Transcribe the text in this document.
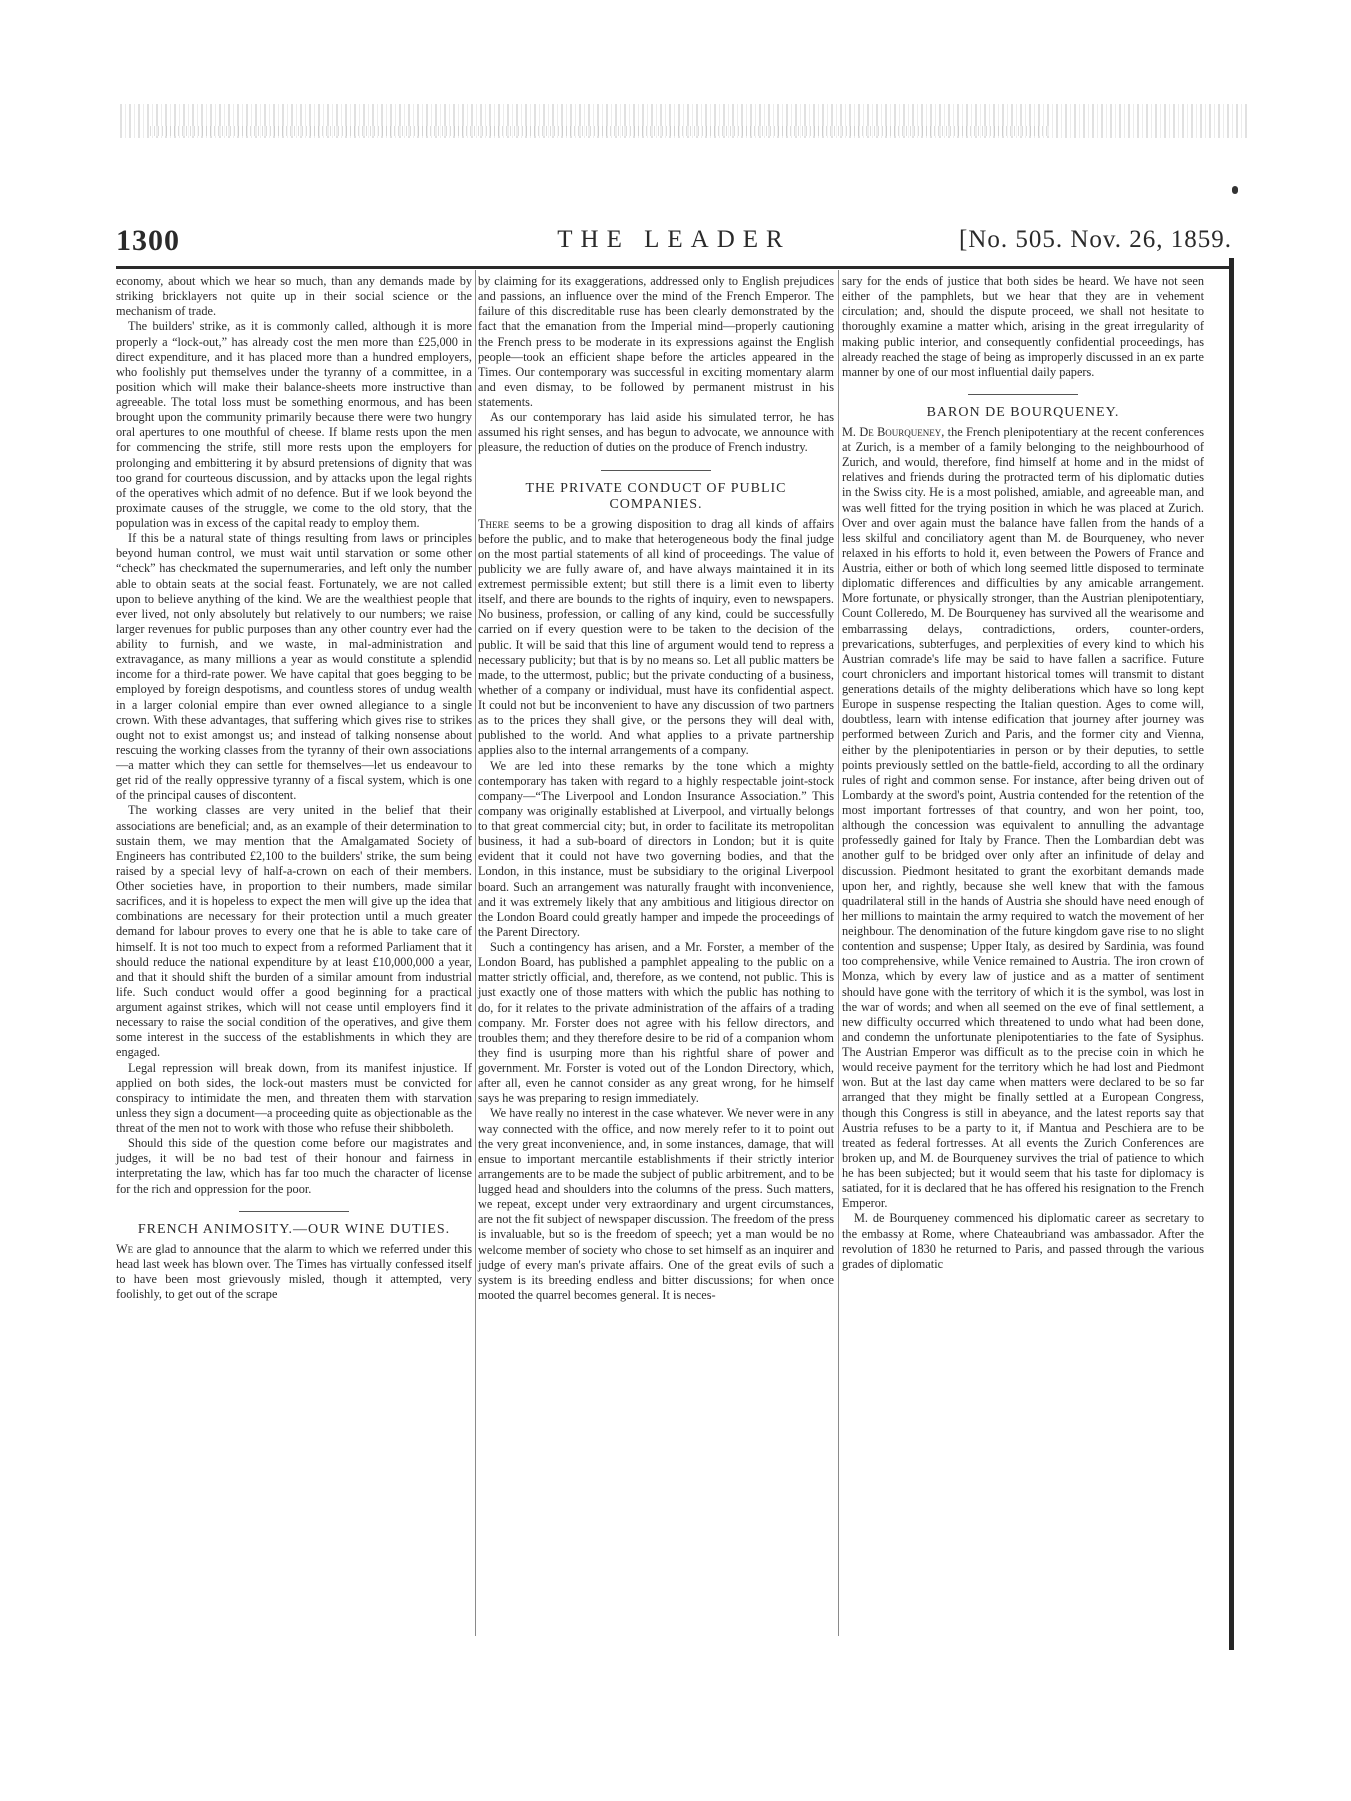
1300	THE LEADER	[No. 505. Nov. 26, 1859.

economy, about which we hear so much, than any demands made by striking bricklayers not quite up in their social science or the mechanism of trade.

The builders' strike, as it is commonly called, although it is more properly a “lock-out,” has already cost the men more than £25,000 in direct expenditure, and it has placed more than a hundred employers, who foolishly put themselves under the tyranny of a committee, in a position which will make their balance-sheets more instructive than agreeable. The total loss must be something enormous, and has been brought upon the community primarily because there were two hungry oral apertures to one mouthful of cheese. If blame rests upon the men for commencing the strife, still more rests upon the employers for prolonging and embittering it by absurd pretensions of dignity that was too grand for courteous discussion, and by attacks upon the legal rights of the operatives which admit of no defence. But if we look beyond the proximate causes of the struggle, we come to the old story, that the population was in excess of the capital ready to employ them.

If this be a natural state of things resulting from laws or principles beyond human control, we must wait until starvation or some other “check” has checkmated the supernumeraries, and left only the number able to obtain seats at the social feast. Fortunately, we are not called upon to believe anything of the kind. We are the wealthiest people that ever lived, not only absolutely but relatively to our numbers; we raise larger revenues for public purposes than any other country ever had the ability to furnish, and we waste, in mal-administration and extravagance, as many millions a year as would constitute a splendid income for a third-rate power. We have capital that goes begging to be employed by foreign despotisms, and countless stores of undug wealth in a larger colonial empire than ever owned allegiance to a single crown. With these advantages, that suffering which gives rise to strikes ought not to exist amongst us; and instead of talking nonsense about rescuing the working classes from the tyranny of their own associations—a matter which they can settle for themselves—let us endeavour to get rid of the really oppressive tyranny of a fiscal system, which is one of the principal causes of discontent.

The working classes are very united in the belief that their associations are beneficial; and, as an example of their determination to sustain them, we may mention that the Amalgamated Society of Engineers has contributed £2,100 to the builders' strike, the sum being raised by a special levy of half-a-crown on each of their members. Other societies have, in proportion to their numbers, made similar sacrifices, and it is hopeless to expect the men will give up the idea that combinations are necessary for their protection until a much greater demand for labour proves to every one that he is able to take care of himself. It is not too much to expect from a reformed Parliament that it should reduce the national expenditure by at least £10,000,000 a year, and that it should shift the burden of a similar amount from industrial life. Such conduct would offer a good beginning for a practical argument against strikes, which will not cease until employers find it necessary to raise the social condition of the operatives, and give them some interest in the success of the establishments in which they are engaged.

Legal repression will break down, from its manifest injustice. If applied on both sides, the lock-out masters must be convicted for conspiracy to intimidate the men, and threaten them with starvation unless they sign a document—a proceeding quite as objectionable as the threat of the men not to work with those who refuse their shibboleth.

Should this side of the question come before our magistrates and judges, it will be no bad test of their honour and fairness in interpretating the law, which has far too much the character of license for the rich and oppression for the poor.

FRENCH ANIMOSITY.—OUR WINE DUTIES.

We are glad to announce that the alarm to which we referred under this head last week has blown over. The Times has virtually confessed itself to have been most grievously misled, though it attempted, very foolishly, to get out of the scrape

by claiming for its exaggerations, addressed only to English prejudices and passions, an influence over the mind of the French Emperor. The failure of this discreditable ruse has been clearly demonstrated by the fact that the emanation from the Imperial mind—properly cautioning the French press to be moderate in its expressions against the English people—took an efficient shape before the articles appeared in the Times. Our contemporary was successful in exciting momentary alarm and even dismay, to be followed by permanent mistrust in his statements.

As our contemporary has laid aside his simulated terror, he has assumed his right senses, and has begun to advocate, we announce with pleasure, the reduction of duties on the produce of French industry.

THE PRIVATE CONDUCT OF PUBLIC COMPANIES.

There seems to be a growing disposition to drag all kinds of affairs before the public, and to make that heterogeneous body the final judge on the most partial statements of all kind of proceedings. The value of publicity we are fully aware of, and have always maintained it in its extremest permissible extent; but still there is a limit even to liberty itself, and there are bounds to the rights of inquiry, even to newspapers. No business, profession, or calling of any kind, could be successfully carried on if every question were to be taken to the decision of the public. It will be said that this line of argument would tend to repress a necessary publicity; but that is by no means so. Let all public matters be made, to the uttermost, public; but the private conducting of a business, whether of a company or individual, must have its confidential aspect. It could not but be inconvenient to have any discussion of two partners as to the prices they shall give, or the persons they will deal with, published to the world. And what applies to a private partnership applies also to the internal arrangements of a company.

We are led into these remarks by the tone which a mighty contemporary has taken with regard to a highly respectable joint-stock company—“The Liverpool and London Insurance Association.” This company was originally established at Liverpool, and virtually belongs to that great commercial city; but, in order to facilitate its metropolitan business, it had a sub-board of directors in London; but it is quite evident that it could not have two governing bodies, and that the London, in this instance, must be subsidiary to the original Liverpool board. Such an arrangement was naturally fraught with inconvenience, and it was extremely likely that any ambitious and litigious director on the London Board could greatly hamper and impede the proceedings of the Parent Directory.

Such a contingency has arisen, and a Mr. Forster, a member of the London Board, has published a pamphlet appealing to the public on a matter strictly official, and, therefore, as we contend, not public. This is just exactly one of those matters with which the public has nothing to do, for it relates to the private administration of the affairs of a trading company. Mr. Forster does not agree with his fellow directors, and troubles them; and they therefore desire to be rid of a companion whom they find is usurping more than his rightful share of power and government. Mr. Forster is voted out of the London Directory, which, after all, even he cannot consider as any great wrong, for he himself says he was preparing to resign immediately.

We have really no interest in the case whatever. We never were in any way connected with the office, and now merely refer to it to point out the very great inconvenience, and, in some instances, damage, that will ensue to important mercantile establishments if their strictly interior arrangements are to be made the subject of public arbitrement, and to be lugged head and shoulders into the columns of the press. Such matters, we repeat, except under very extraordinary and urgent circumstances, are not the fit subject of newspaper discussion. The freedom of the press is invaluable, but so is the freedom of speech; yet a man would be no welcome member of society who chose to set himself as an inquirer and judge of every man's private affairs. One of the great evils of such a system is its breeding endless and bitter discussions; for when once mooted the quarrel becomes general. It is neces-

sary for the ends of justice that both sides be heard. We have not seen either of the pamphlets, but we hear that they are in vehement circulation; and, should the dispute proceed, we shall not hesitate to thoroughly examine a matter which, arising in the great irregularity of making public interior, and consequently confidential proceedings, has already reached the stage of being as improperly discussed in an ex parte manner by one of our most influential daily papers.

BARON DE BOURQUENEY.

M. De Bourqueney, the French plenipotentiary at the recent conferences at Zurich, is a member of a family belonging to the neighbourhood of Zurich, and would, therefore, find himself at home and in the midst of relatives and friends during the protracted term of his diplomatic duties in the Swiss city. He is a most polished, amiable, and agreeable man, and was well fitted for the trying position in which he was placed at Zurich. Over and over again must the balance have fallen from the hands of a less skilful and conciliatory agent than M. de Bourqueney, who never relaxed in his efforts to hold it, even between the Powers of France and Austria, either or both of which long seemed little disposed to terminate diplomatic differences and difficulties by any amicable arrangement. More fortunate, or physically stronger, than the Austrian plenipotentiary, Count Colleredo, M. De Bourqueney has survived all the wearisome and embarrassing delays, contradictions, orders, counter-orders, prevarications, subterfuges, and perplexities of every kind to which his Austrian comrade's life may be said to have fallen a sacrifice. Future court chroniclers and important historical tomes will transmit to distant generations details of the mighty deliberations which have so long kept Europe in suspense respecting the Italian question. Ages to come will, doubtless, learn with intense edification that journey after journey was performed between Zurich and Paris, and the former city and Vienna, either by the plenipotentiaries in person or by their deputies, to settle points previously settled on the battle-field, according to all the ordinary rules of right and common sense. For instance, after being driven out of Lombardy at the sword's point, Austria contended for the retention of the most important fortresses of that country, and won her point, too, although the concession was equivalent to annulling the advantage professedly gained for Italy by France. Then the Lombardian debt was another gulf to be bridged over only after an infinitude of delay and discussion. Piedmont hesitated to grant the exorbitant demands made upon her, and rightly, because she well knew that with the famous quadrilateral still in the hands of Austria she should have need enough of her millions to maintain the army required to watch the movement of her neighbour. The denomination of the future kingdom gave rise to no slight contention and suspense; Upper Italy, as desired by Sardinia, was found too comprehensive, while Venice remained to Austria. The iron crown of Monza, which by every law of justice and as a matter of sentiment should have gone with the territory of which it is the symbol, was lost in the war of words; and when all seemed on the eve of final settlement, a new difficulty occurred which threatened to undo what had been done, and condemn the unfortunate plenipotentiaries to the fate of Sysiphus. The Austrian Emperor was difficult as to the precise coin in which he would receive payment for the territory which he had lost and Piedmont won. But at the last day came when matters were declared to be so far arranged that they might be finally settled at a European Congress, though this Congress is still in abeyance, and the latest reports say that Austria refuses to be a party to it, if Mantua and Peschiera are to be treated as federal fortresses. At all events the Zurich Conferences are broken up, and M. de Bourqueney survives the trial of patience to which he has been subjected; but it would seem that his taste for diplomacy is satiated, for it is declared that he has offered his resignation to the French Emperor.

M. de Bourqueney commenced his diplomatic career as secretary to the embassy at Rome, where Chateaubriand was ambassador. After the revolution of 1830 he returned to Paris, and passed through the various grades of diplomatic
